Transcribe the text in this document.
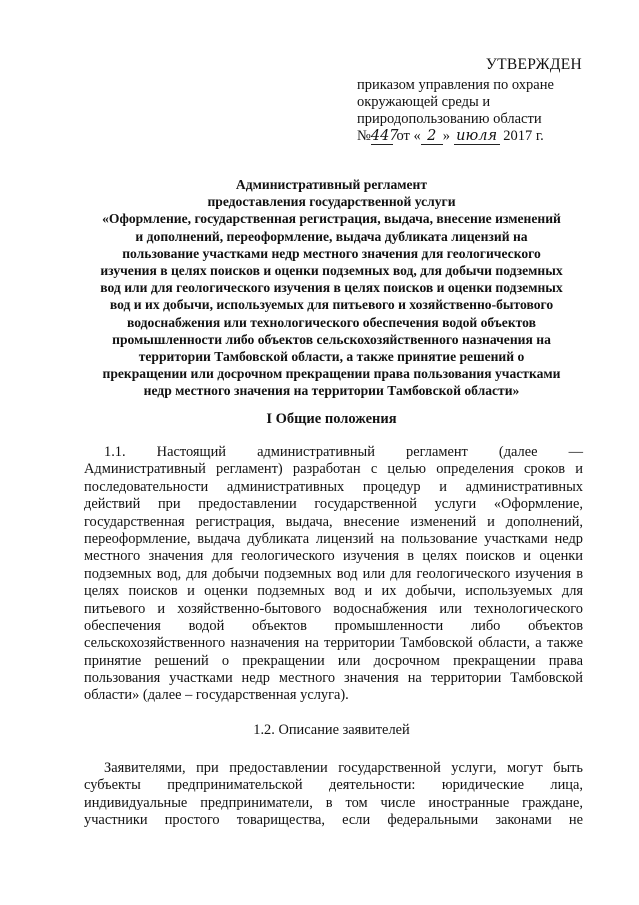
УТВЕРЖДЕН
приказом управления по охране
окружающей среды и
природопользованию области
№447 от « 2 » июля 2017 г.
Административный регламент
предоставления государственной услуги
«Оформление, государственная регистрация, выдача, внесение изменений
и дополнений, переоформление, выдача дубликата лицензий на
пользование участками недр местного значения для геологического
изучения в целях поисков и оценки подземных вод, для добычи подземных
вод или для геологического изучения в целях поисков и оценки подземных
вод и их добычи, используемых для питьевого и хозяйственно-бытового
водоснабжения или технологического обеспечения водой объектов
промышленности либо объектов сельскохозяйственного назначения на
территории Тамбовской области, а также принятие решений о
прекращении или досрочном прекращении права пользования участками
недр местного значения на территории Тамбовской области»
I Общие положения
1.1. Настоящий административный регламент (далее —
Административный регламент) разработан с целью определения сроков и
последовательности административных процедур и административных
действий при предоставлении государственной услуги «Оформление,
государственная регистрация, выдача, внесение изменений и дополнений,
переоформление, выдача дубликата лицензий на пользование участками недр
местного значения для геологического изучения в целях поисков и оценки
подземных вод, для добычи подземных вод или для геологического изучения в
целях поисков и оценки подземных вод и их добычи, используемых для
питьевого и хозяйственно-бытового водоснабжения или технологического
обеспечения водой объектов промышленности либо объектов
сельскохозяйственного назначения на территории Тамбовской области, а также
принятие решений о прекращении или досрочном прекращении права
пользования участками недр местного значения на территории Тамбовской
области» (далее – государственная услуга).
1.2. Описание заявителей
Заявителями, при предоставлении государственной услуги, могут быть
субъекты предпринимательской деятельности: юридические лица,
индивидуальные предприниматели, в том числе иностранные граждане,
участники простого товарищества, если федеральными законами не
